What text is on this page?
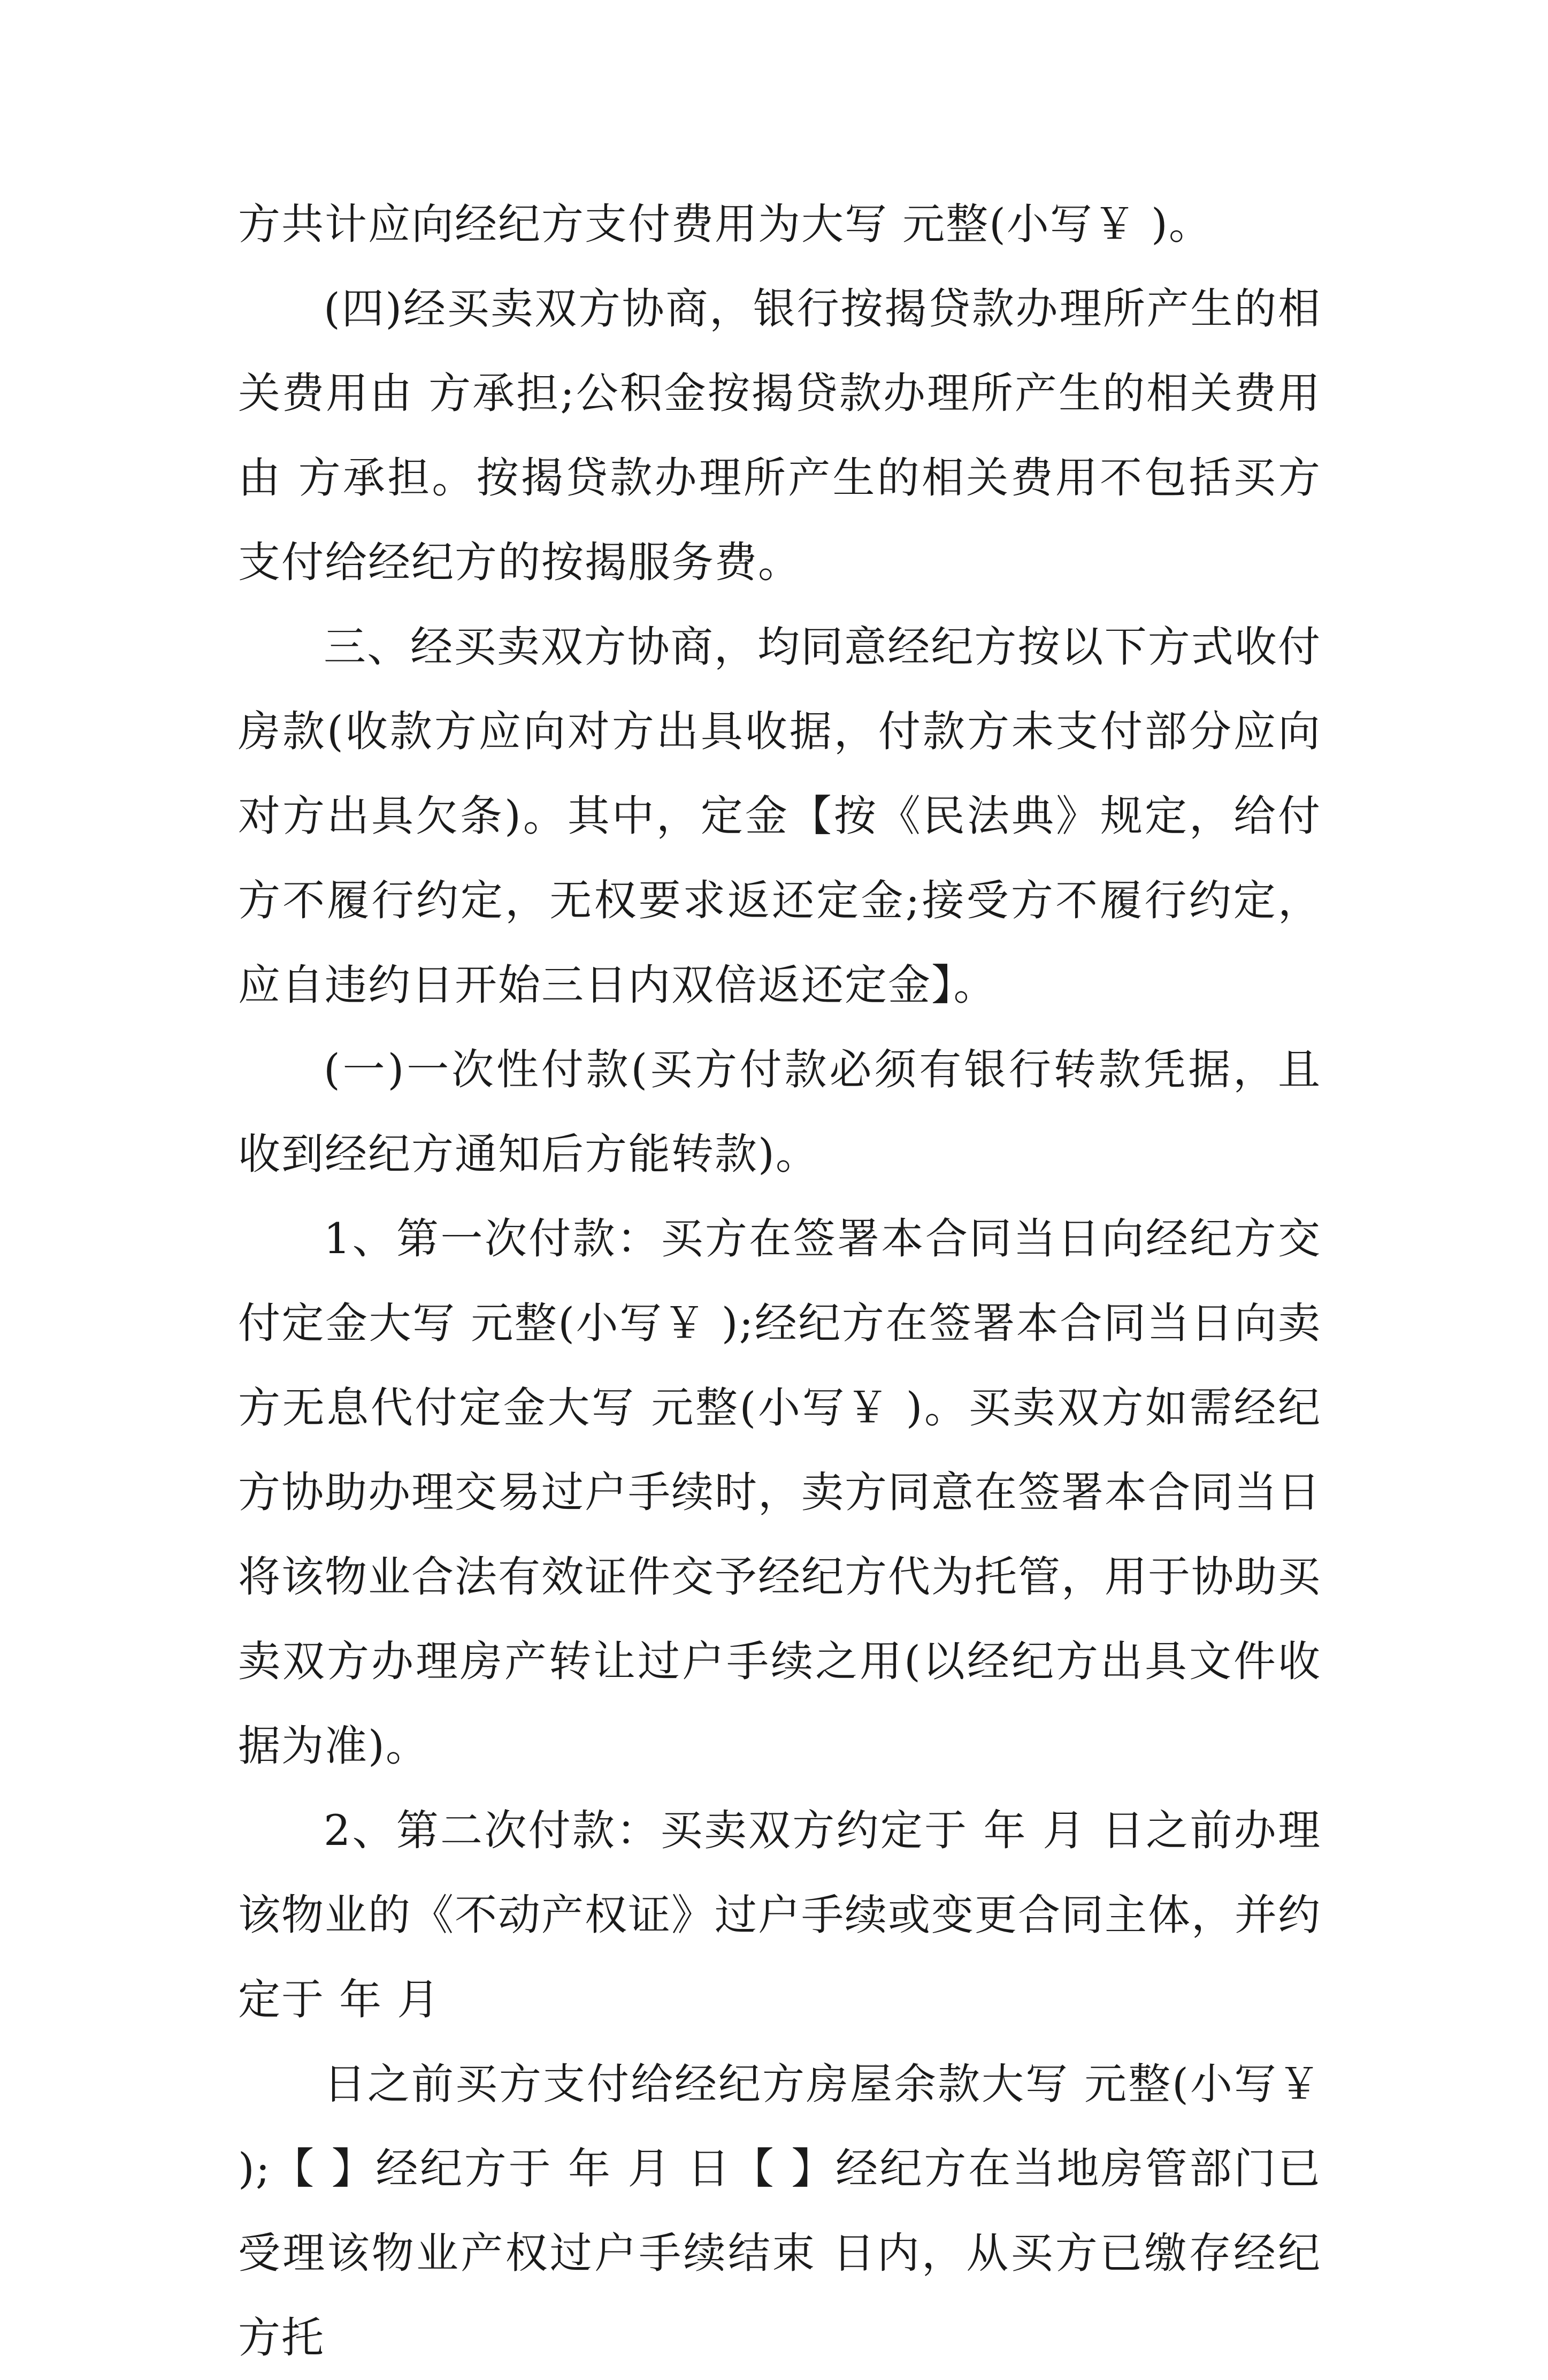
方共计应向经纪方支付费用为大写 元整(小写￥ )。

(四)经买卖双方协商，银行按揭贷款办理所产生的相关费用由 方承担;公积金按揭贷款办理所产生的相关费用由 方承担。按揭贷款办理所产生的相关费用不包括买方支付给经纪方的按揭服务费。

三、经买卖双方协商，均同意经纪方按以下方式收付房款(收款方应向对方出具收据，付款方未支付部分应向对方出具欠条)。其中，定金【按《民法典》规定，给付方不履行约定，无权要求返还定金;接受方不履行约定，应自违约日开始三日内双倍返还定金】。

(一)一次性付款(买方付款必须有银行转款凭据，且收到经纪方通知后方能转款)。

1、第一次付款：买方在签署本合同当日向经纪方交付定金大写 元整(小写￥ );经纪方在签署本合同当日向卖方无息代付定金大写 元整(小写￥ )。买卖双方如需经纪方协助办理交易过户手续时，卖方同意在签署本合同当日将该物业合法有效证件交予经纪方代为托管，用于协助买卖双方办理房产转让过户手续之用(以经纪方出具文件收据为准)。

2、第二次付款：买卖双方约定于 年 月 日之前办理该物业的《不动产权证》过户手续或变更合同主体，并约定于 年 月

日之前买方支付给经纪方房屋余款大写 元整(小写￥ );【 】经纪方于 年 月 日【 】经纪方在当地房管部门已受理该物业产权过户手续结束 日内，从买方已缴存经纪方托
